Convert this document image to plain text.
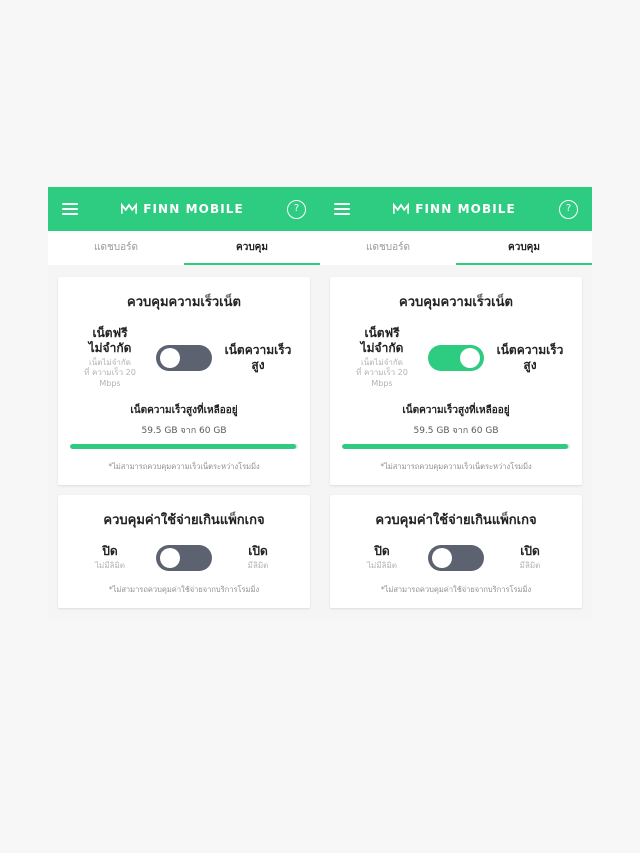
FINN MOBILE	?
แดชบอร์ด	ควบคุม
ควบคุมความเร็วเน็ต
เน็ตฟรี
ไม่จำกัด
เน็ตไม่จำกัด
ที่ ความเร็ว 20
Mbps
เน็ตความเร็วสูง
เน็ตความเร็วสูงที่เหลืออยู่
59.5 GB จาก 60 GB
*ไม่สามารถควบคุมความเร็วเน็ตระหว่างโรมมิ่ง
ควบคุมค่าใช้จ่ายเกินแพ็กเกจ
ปิด
ไม่มีลิมิต
เปิด
มีลิมิต
*ไม่สามารถควบคุมค่าใช้จ่ายจากบริการโรมมิ่ง
FINN MOBILE	?
แดชบอร์ด	ควบคุม
ควบคุมความเร็วเน็ต
เน็ตฟรี
ไม่จำกัด
เน็ตไม่จำกัด
ที่ ความเร็ว 20
Mbps
เน็ตความเร็วสูง
เน็ตความเร็วสูงที่เหลืออยู่
59.5 GB จาก 60 GB
*ไม่สามารถควบคุมความเร็วเน็ตระหว่างโรมมิ่ง
ควบคุมค่าใช้จ่ายเกินแพ็กเกจ
ปิด
ไม่มีลิมิต
เปิด
มีลิมิต
*ไม่สามารถควบคุมค่าใช้จ่ายจากบริการโรมมิ่ง
